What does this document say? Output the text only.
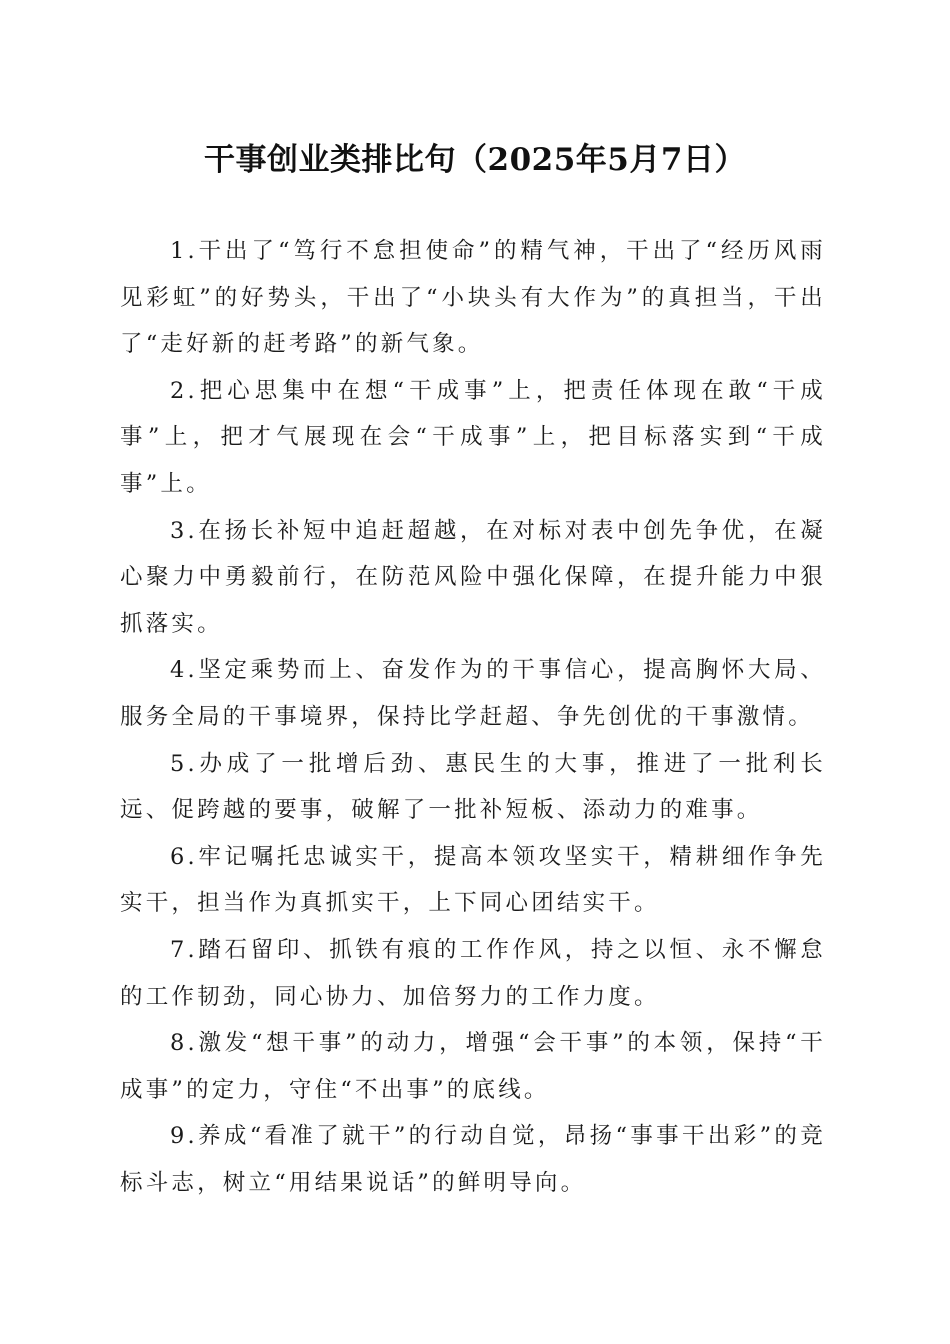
干事创业类排比句（2025年5月7日）

1.干出了“笃行不怠担使命”的精气神，干出了“经历风雨见彩虹”的好势头，干出了“小块头有大作为”的真担当，干出了“走好新的赶考路”的新气象。

2.把心思集中在想“干成事”上，把责任体现在敢“干成事”上，把才气展现在会“干成事”上，把目标落实到“干成事”上。

3.在扬长补短中追赶超越，在对标对表中创先争优，在凝心聚力中勇毅前行，在防范风险中强化保障，在提升能力中狠抓落实。

4.坚定乘势而上、奋发作为的干事信心，提高胸怀大局、服务全局的干事境界，保持比学赶超、争先创优的干事激情。

5.办成了一批增后劲、惠民生的大事，推进了一批利长远、促跨越的要事，破解了一批补短板、添动力的难事。

6.牢记嘱托忠诚实干，提高本领攻坚实干，精耕细作争先实干，担当作为真抓实干，上下同心团结实干。

7.踏石留印、抓铁有痕的工作作风，持之以恒、永不懈怠的工作韧劲，同心协力、加倍努力的工作力度。

8.激发“想干事”的动力，增强“会干事”的本领，保持“干成事”的定力，守住“不出事”的底线。

9.养成“看准了就干”的行动自觉，昂扬“事事干出彩”的竞标斗志，树立“用结果说话”的鲜明导向。
